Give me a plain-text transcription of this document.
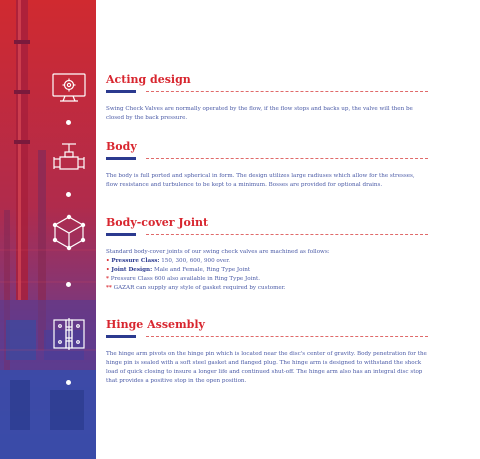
Acting design

Swing Check Valves are normally operated by the flow, if the flow stops and backs up, the valve will then be closed by the back pressure.

Body

The body is full ported and spherical in form. The design utilizes large radiuses which allow for the stresses, flow resistance and turbulence to be kept to a minimum. Bosses are provided for optional drains.

Body-cover Joint

Standard body-cover joints of our swing check valves are machined as follows:

• Pressure Class: 150, 300, 600, 900 over.
• Joint Design: Male and Female, Ring Type Joint
* Pressure Class 600 also available in Ring Type Joint.
** GAZAR can supply any style of gasket required by customer.
Hinge Assembly

The hinge arm pivots on the hinge pin which is located near the disc's center of gravity. Body penetration for the hinge pin is sealed with a soft steel gasket and flanged plug. The hinge arm is designed to withstand the shock load of quick closing to insure a longer life and continued shut-off. The hinge arm also has an integral disc stop that provides a positive stop in the open position.
